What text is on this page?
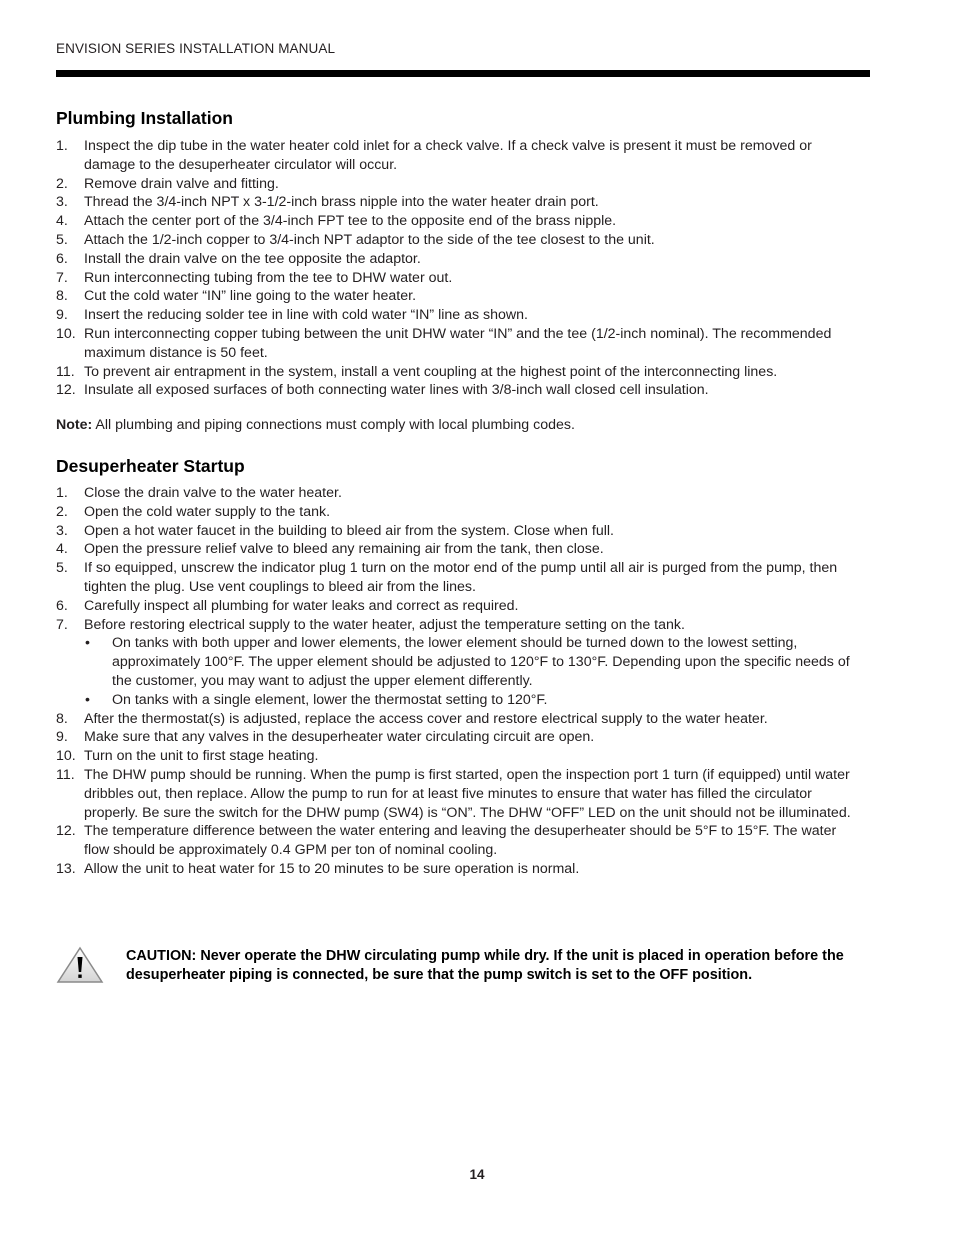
ENVISION SERIES INSTALLATION MANUAL
Plumbing Installation
1. Inspect the dip tube in the water heater cold inlet for a check valve. If a check valve is present it must be removed or damage to the desuperheater circulator will occur.
2. Remove drain valve and fitting.
3. Thread the 3/4-inch NPT x 3-1/2-inch brass nipple into the water heater drain port.
4. Attach the center port of the 3/4-inch FPT tee to the opposite end of the brass nipple.
5. Attach the 1/2-inch copper to 3/4-inch NPT adaptor to the side of the tee closest to the unit.
6. Install the drain valve on the tee opposite the adaptor.
7. Run interconnecting tubing from the tee to DHW water out.
8. Cut the cold water “IN” line going to the water heater.
9. Insert the reducing solder tee in line with cold water “IN” line as shown.
10. Run interconnecting copper tubing between the unit DHW water “IN” and the tee (1/2-inch nominal). The recommended maximum distance is 50 feet.
11. To prevent air entrapment in the system, install a vent coupling at the highest point of the interconnecting lines.
12. Insulate all exposed surfaces of both connecting water lines with 3/8-inch wall closed cell insulation.
Note: All plumbing and piping connections must comply with local plumbing codes.
Desuperheater Startup
1. Close the drain valve to the water heater.
2. Open the cold water supply to the tank.
3. Open a hot water faucet in the building to bleed air from the system. Close when full.
4. Open the pressure relief valve to bleed any remaining air from the tank, then close.
5. If so equipped, unscrew the indicator plug 1 turn on the motor end of the pump until all air is purged from the pump, then tighten the plug. Use vent couplings to bleed air from the lines.
6. Carefully inspect all plumbing for water leaks and correct as required.
7. Before restoring electrical supply to the water heater, adjust the temperature setting on the tank.
• On tanks with both upper and lower elements, the lower element should be turned down to the lowest setting, approximately 100°F. The upper element should be adjusted to 120°F to 130°F. Depending upon the specific needs of the customer, you may want to adjust the upper element differently.
• On tanks with a single element, lower the thermostat setting to 120°F.
8. After the thermostat(s) is adjusted, replace the access cover and restore electrical supply to the water heater.
9. Make sure that any valves in the desuperheater water circulating circuit are open.
10. Turn on the unit to first stage heating.
11. The DHW pump should be running. When the pump is first started, open the inspection port 1 turn (if equipped) until water dribbles out, then replace. Allow the pump to run for at least five minutes to ensure that water has filled the circulator properly. Be sure the switch for the DHW pump (SW4) is “ON”. The DHW “OFF” LED on the unit should not be illuminated.
12. The temperature difference between the water entering and leaving the desuperheater should be 5°F to 15°F. The water flow should be approximately 0.4 GPM per ton of nominal cooling.
13. Allow the unit to heat water for 15 to 20 minutes to be sure operation is normal.
CAUTION: Never operate the DHW circulating pump while dry. If the unit is placed in operation before the desuperheater piping is connected, be sure that the pump switch is set to the OFF position.
14
